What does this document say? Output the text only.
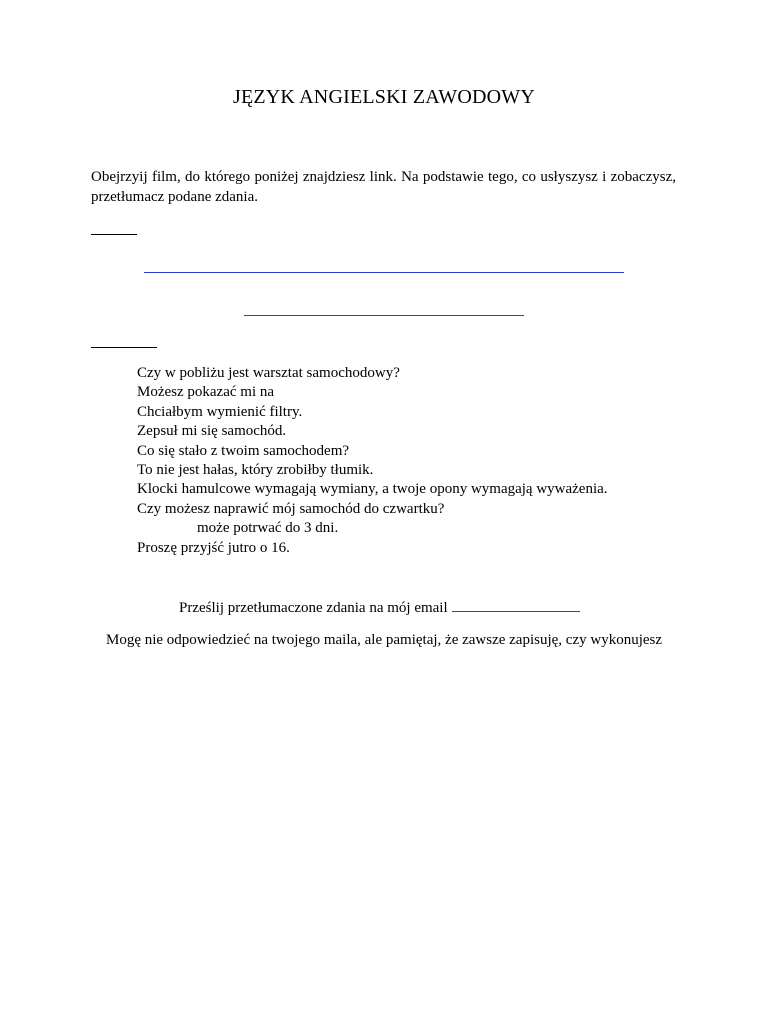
JĘZYK ANGIELSKI ZAWODOWY
Obejrzyij film, do którego poniżej znajdziesz link. Na podstawie tego, co usłyszysz i zobaczysz, przetłumacz podane zdania.
Czy w pobliżu jest warsztat samochodowy?
Możesz pokazać mi na
Chciałbym wymienić filtry.
Zepsuł mi się samochód.
Co się stało z twoim samochodem?
To nie jest hałas, który zrobiłby tłumik.
Klocki hamulcowe wymagają wymiany, a twoje opony wymagają wyważenia.
Czy możesz naprawić mój samochód do czwartku?
może potrwać do 3 dni.
Proszę przyjść jutro o 16.
Prześlij przetłumaczone zdania na mój email
Mogę nie odpowiedzieć na twojego maila, ale pamiętaj, że zawsze zapisuję, czy wykonujesz
